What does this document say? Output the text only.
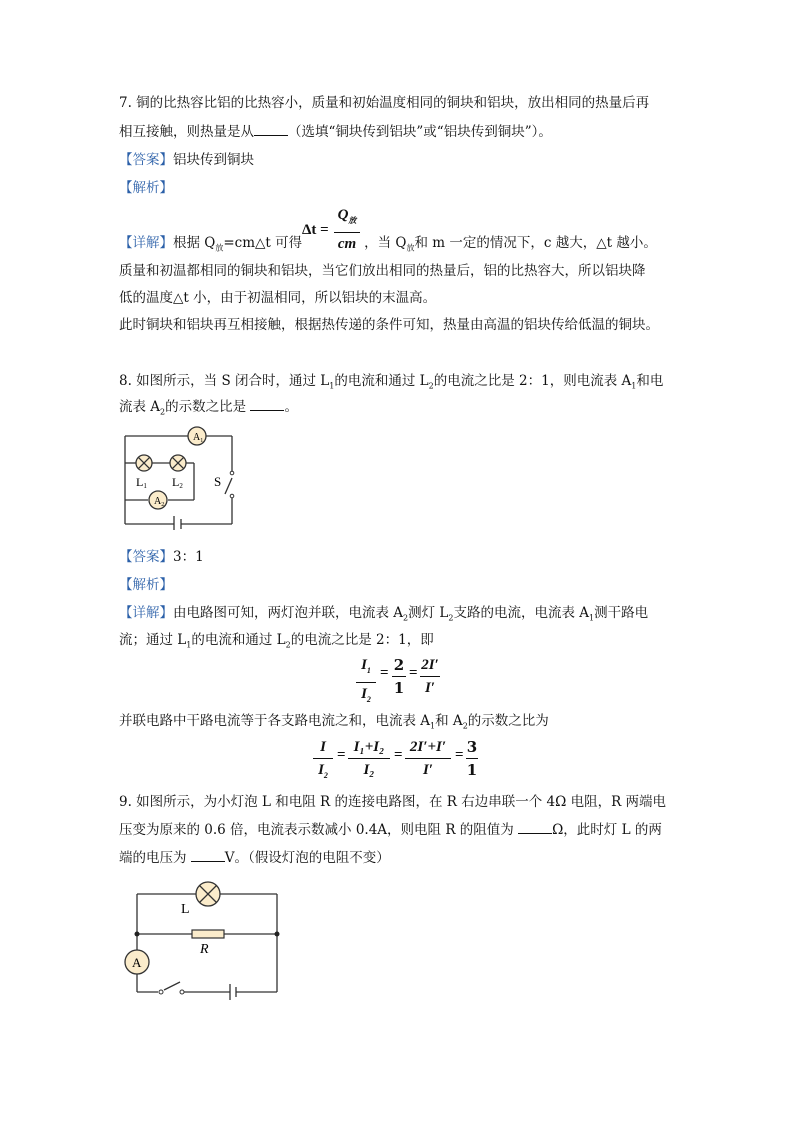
7. 铜的比热容比铝的比热容小，质量和初始温度相同的铜块和铝块，放出相同的热量后再
相互接触，则热量是从	（选填“铜块传到铝块”或“铝块传到铜块”）。
【答案】铝块传到铜块
【解析】
Δt =
$Q_放$
cm
【详解】根据 $Q_放=cm\triangle t$ 可得	，当 $Q_放$和 m 一定的情况下，c 越大，△t 越小。
质量和初温都相同的铜块和铝块，当它们放出相同的热量后，铝的比热容大，所以铝块降
低的温度△t 小，由于初温相同，所以铝块的末温高。
此时铜块和铝块再互相接触，根据热传递的条件可知，热量由高温的铝块传给低温的铜块。
8. 如图所示，当 S 闭合时，通过 $L_1$的电流和通过 $L_2$的电流之比是 2：1，则电流表 $A_1$和电
流表 $A_2$的示数之比是	。
$A_1$
$A_2$
L1 L2 S
【答案】3：1
【解析】
【详解】由电路图可知，两灯泡并联，电流表 $A_2$测灯 $L_2$支路的电流，电流表 $A_1$测干路电
流；通过 $L_1$的电流和通过 $L_2$的电流之比是 2：1，即
$I_1$
$I_2$
= 2
1
= 2I′
I′
并联电路中干路电流等于各支路电流之和，电流表 $A_1$和 $A_2$的示数之比为
I
$I_2$
= I₁+I₂
I₂
= 2I′+I′
I′
= 3
1
9. 如图所示，为小灯泡 L 和电阻 R 的连接电路图，在 R 右边串联一个 4Ω 电阻，R 两端电
压变为原来的 0.6 倍，电流表示数减小 0.4A，则电阻 R 的阻值为	Ω，此时灯 L 的两
端的电压为	V。（假设灯泡的电阻不变）
L
R
A
